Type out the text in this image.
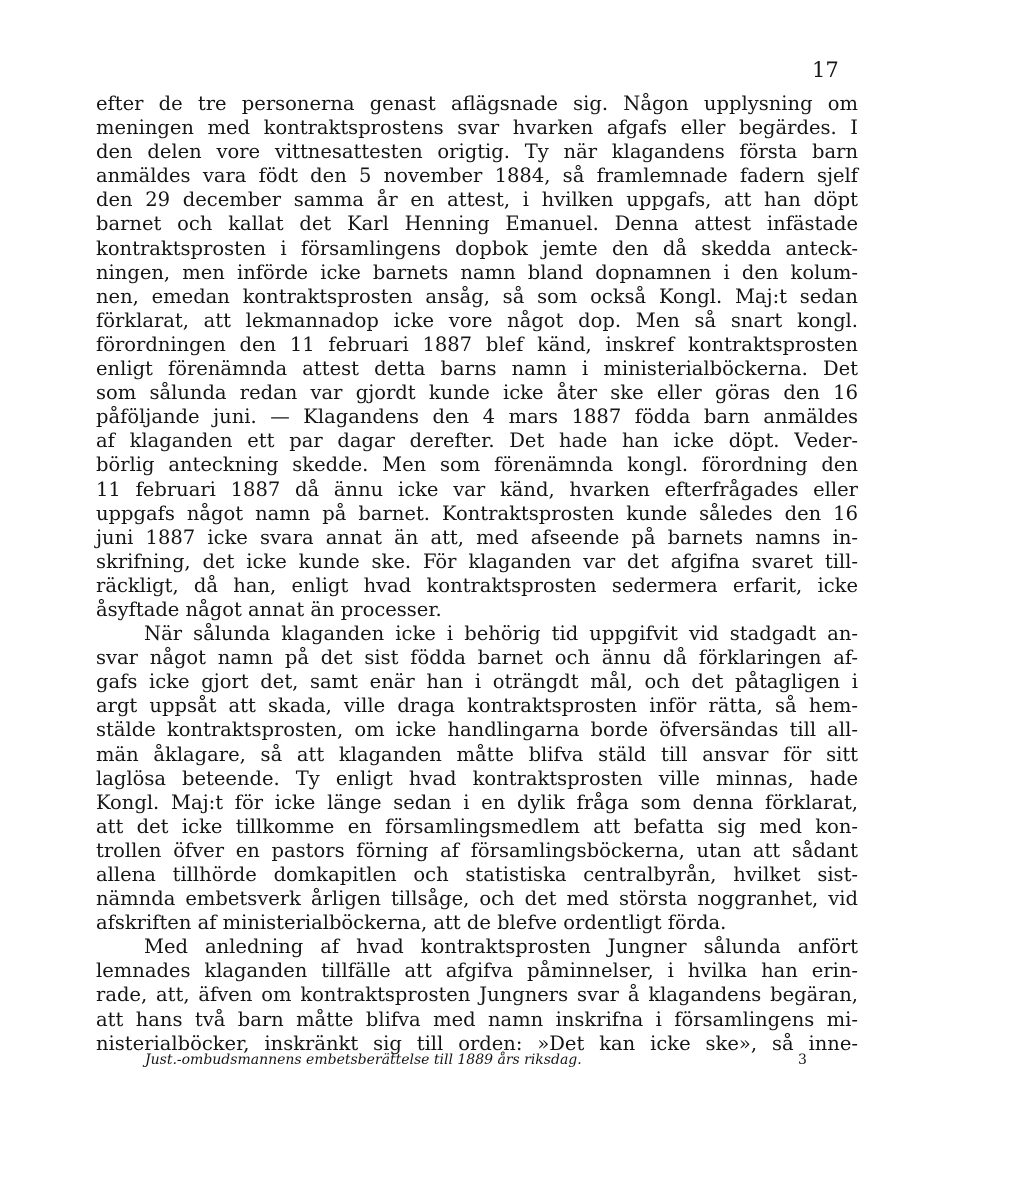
17
efter de tre personerna genast aflägsnade sig. Någon upplysning om
meningen med kontraktsprostens svar hvarken afgafs eller begärdes. I
den delen vore vittnesattesten origtig. Ty när klagandens första barn
anmäldes vara födt den 5 november 1884, så framlemnade fadern sjelf
den 29 december samma år en attest, i hvilken uppgafs, att han döpt
barnet och kallat det Karl Henning Emanuel. Denna attest infästade
kontraktsprosten i församlingens dopbok jemte den då skedda anteck-
ningen, men införde icke barnets namn bland dopnamnen i den kolum-
nen, emedan kontraktsprosten ansåg, så som också Kongl. Maj:t sedan
förklarat, att lekmannadop icke vore något dop. Men så snart kongl.
förordningen den 11 februari 1887 blef känd, inskref kontraktsprosten
enligt förenämnda attest detta barns namn i ministerialböckerna. Det
som sålunda redan var gjordt kunde icke åter ske eller göras den 16
påföljande juni. — Klagandens den 4 mars 1887 födda barn anmäldes
af klaganden ett par dagar derefter. Det hade han icke döpt. Veder-
börlig anteckning skedde. Men som förenämnda kongl. förordning den
11 februari 1887 då ännu icke var känd, hvarken efterfrågades eller
uppgafs något namn på barnet. Kontraktsprosten kunde således den 16
juni 1887 icke svara annat än att, med afseende på barnets namns in-
skrifning, det icke kunde ske. För klaganden var det afgifna svaret till-
räckligt, då han, enligt hvad kontraktsprosten sedermera erfarit, icke
åsyftade något annat än processer.
När sålunda klaganden icke i behörig tid uppgifvit vid stadgadt an-
svar något namn på det sist födda barnet och ännu då förklaringen af-
gafs icke gjort det, samt enär han i oträngdt mål, och det påtagligen i
argt uppsåt att skada, ville draga kontraktsprosten inför rätta, så hem-
stälde kontraktsprosten, om icke handlingarna borde öfversändas till all-
män åklagare, så att klaganden måtte blifva stäld till ansvar för sitt
laglösa beteende. Ty enligt hvad kontraktsprosten ville minnas, hade
Kongl. Maj:t för icke länge sedan i en dylik fråga som denna förklarat,
att det icke tillkomme en församlingsmedlem att befatta sig med kon-
trollen öfver en pastors förning af församlingsböckerna, utan att sådant
allena tillhörde domkapitlen och statistiska centralbyrån, hvilket sist-
nämnda embetsverk årligen tillsåge, och det med största noggranhet, vid
afskriften af ministerialböckerna, att de blefve ordentligt förda.
Med anledning af hvad kontraktsprosten Jungner sålunda anfört
lemnades klaganden tillfälle att afgifva påminnelser, i hvilka han erin-
rade, att, äfven om kontraktsprosten Jungners svar å klagandens begäran,
att hans två barn måtte blifva med namn inskrifna i församlingens mi-
nisterialböcker, inskränkt sig till orden: »Det kan icke ske», så inne-
Just.-ombudsmannens embetsberättelse till 1889 års riksdag.	3
